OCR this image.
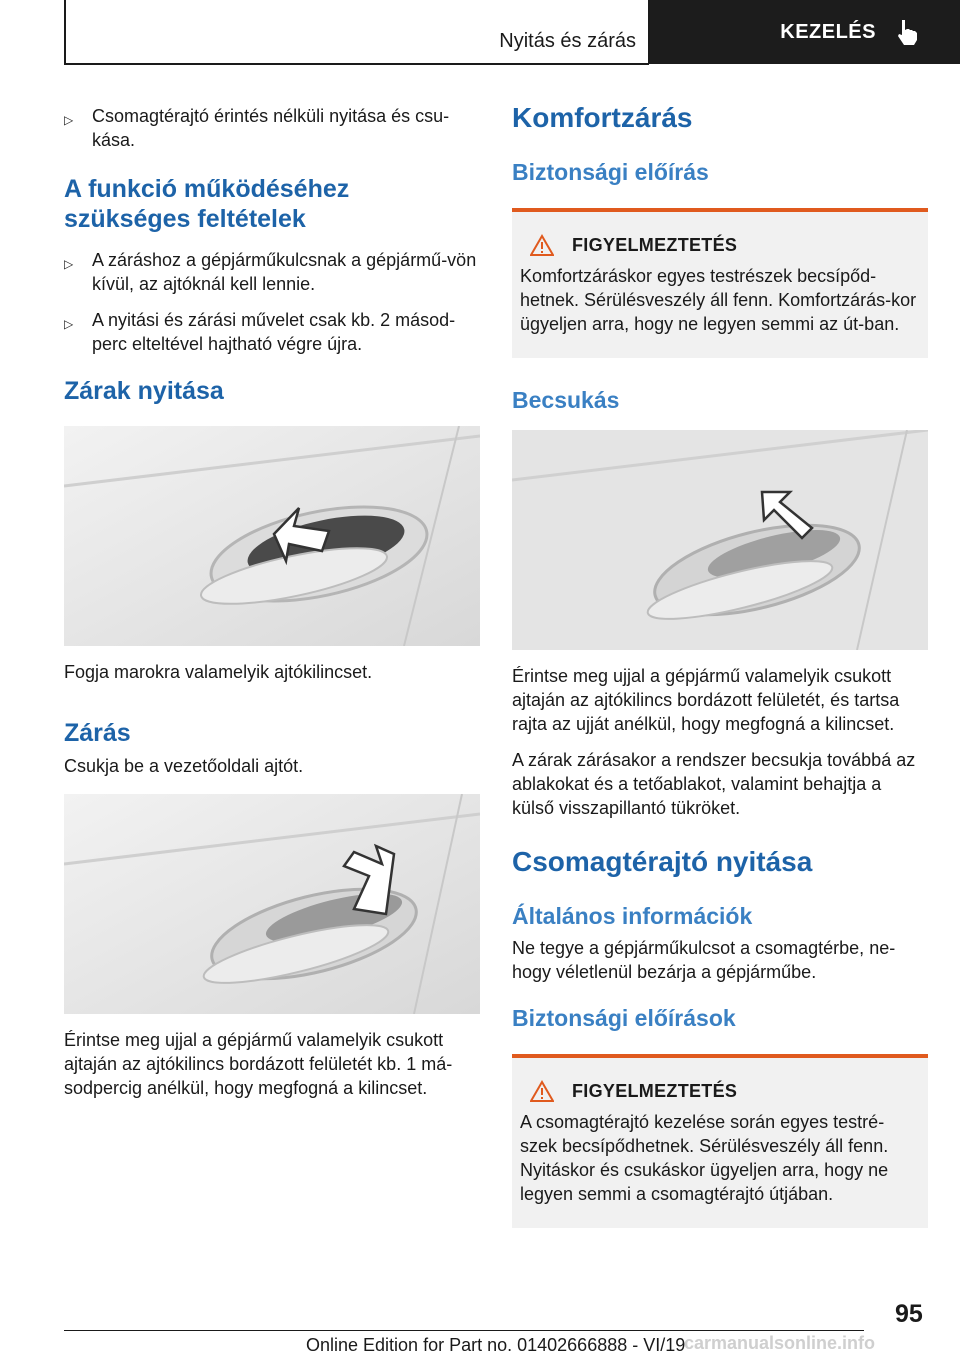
Nyitás és zárás	KEZELÉS
▷	Csomagtérajtó érintés nélküli nyitása és csu-kása.
A funkció működéséhez
szükséges feltételek
▷	A záráshoz a gépjárműkulcsnak a gépjármű-vön kívül, az ajtóknál kell lennie.
▷	A nyitási és zárási művelet csak kb. 2 másod-perc elteltével hajtható végre újra.
Zárak nyitása

Fogja marokra valamelyik ajtókilincset.

Zárás

Csukja be a vezetőoldali ajtót.

Érintse meg ujjal a gépjármű valamelyik csukott ajtaján az ajtókilincs bordázott felületét kb. 1 má-sodpercig anélkül, hogy megfogná a kilincset.

Komfortzárás
Biztonsági előírás
FIGYELMEZTETÉS
Komfortzáráskor egyes testrészek becsípőd-hetnek. Sérülésveszély áll fenn. Komfortzárás-kor ügyeljen arra, hogy ne legyen semmi az út-ban.
Becsukás

Érintse meg ujjal a gépjármű valamelyik csukott ajtaján az ajtókilincs bordázott felületét, és tartsa rajta az ujját anélkül, hogy megfogná a kilincset.

A zárak zárásakor a rendszer becsukja továbbá az ablakokat és a tetőablakot, valamint behajtja a külső visszapillantó tükröket.

Csomagtérajtó nyitása
Általános információk

Ne tegye a gépjárműkulcsot a csomagtérbe, ne-hogy véletlenül bezárja a gépjárműbe.

Biztonsági előírások
FIGYELMEZTETÉS
A csomagtérajtó kezelése során egyes testré-szek becsípődhetnek. Sérülésveszély áll fenn. Nyitáskor és csukáskor ügyeljen arra, hogy ne legyen semmi a csomagtérajtó útjában.
95
Online Edition for Part no. 01402666888 - VI/19
carmanualsonline.info
